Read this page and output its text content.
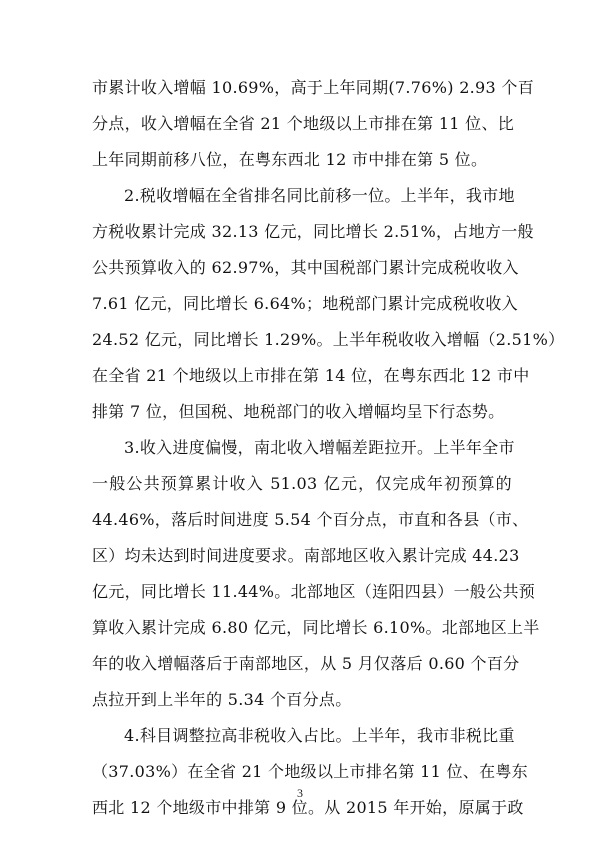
市累计收入增幅 10.69%，高于上年同期(7.76%) 2.93 个百
分点，收入增幅在全省 21 个地级以上市排在第 11 位、比
上年同期前移八位，在粤东西北 12 市中排在第 5 位。
2.税收增幅在全省排名同比前移一位。上半年，我市地
方税收累计完成 32.13 亿元，同比增长 2.51%，占地方一般
公共预算收入的 62.97%，其中国税部门累计完成税收收入
7.61 亿元，同比增长 6.64%；地税部门累计完成税收收入
24.52 亿元，同比增长 1.29%。上半年税收收入增幅（2.51%）
在全省 21 个地级以上市排在第 14 位，在粤东西北 12 市中
排第 7 位，但国税、地税部门的收入增幅均呈下行态势。
3.收入进度偏慢，南北收入增幅差距拉开。上半年全市
一般公共预算累计收入 51.03 亿元，仅完成年初预算的
44.46%，落后时间进度 5.54 个百分点，市直和各县（市、
区）均未达到时间进度要求。南部地区收入累计完成 44.23
亿元，同比增长 11.44%。北部地区（连阳四县）一般公共预
算收入累计完成 6.80 亿元，同比增长 6.10%。北部地区上半
年的收入增幅落后于南部地区，从 5 月仅落后 0.60 个百分
点拉开到上半年的 5.34 个百分点。
4.科目调整拉高非税收入占比。上半年，我市非税比重
（37.03%）在全省 21 个地级以上市排名第 11 位、在粤东
西北 12 个地级市中排第 9 位。从 2015 年开始，原属于政
3
